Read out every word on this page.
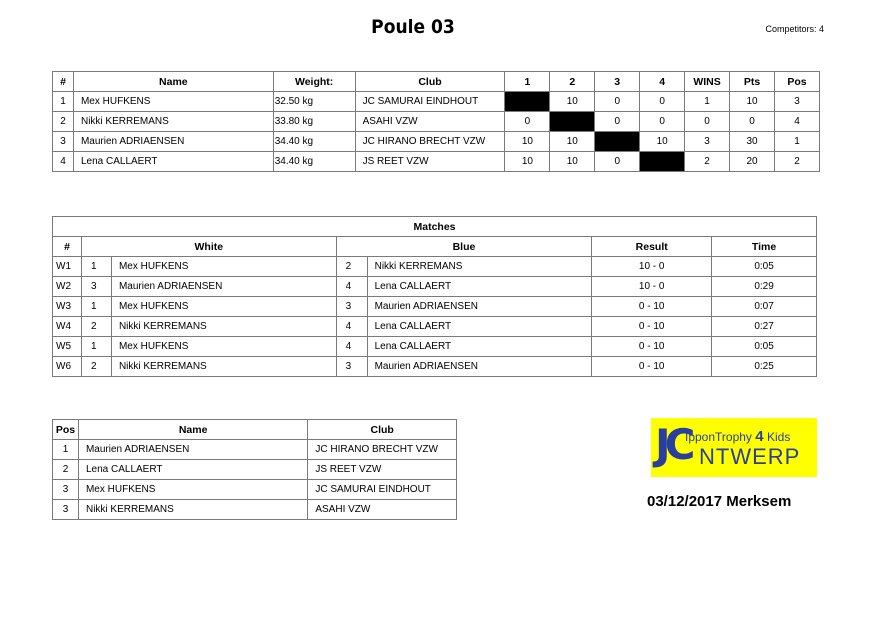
Poule 03	Competitors: 4
#	Name	Weight:	Club	1	2	3	4	WINS	Pts	Pos
1	Mex HUFKENS	32.50 kg	JC SAMURAI EINDHOUT		10	0	0	1	10	3
2	Nikki KERREMANS	33.80 kg	ASAHI VZW	0		0	0	0	0	4
3	Maurien ADRIAENSEN	34.40 kg	JC HIRANO BRECHT VZW	10	10		10	3	30	1
4	Lena CALLAERT	34.40 kg	JS REET VZW	10	10	0		2	20	2
Matches						
#	White		Blue		Result	Time
W1	1	Mex HUFKENS	2	Nikki KERREMANS	10 - 0	0:05
W2	3	Maurien ADRIAENSEN	4	Lena CALLAERT	10 - 0	0:29
W3	1	Mex HUFKENS	3	Maurien ADRIAENSEN	0 - 10	0:07
W4	2	Nikki KERREMANS	4	Lena CALLAERT	0 - 10	0:27
W5	1	Mex HUFKENS	4	Lena CALLAERT	0 - 10	0:05
W6	2	Nikki KERREMANS	3	Maurien ADRIAENSEN	0 - 10	0:25
Pos	Name	Club
1	Maurien ADRIAENSEN	JC HIRANO BRECHT VZW
2	Lena CALLAERT	JS REET VZW
3	Mex HUFKENS	JC SAMURAI EINDHOUT
3	Nikki KERREMANS	ASAHI VZW
JC
IpponTrophy 4 Kids
NTWERP
03/12/2017 Merksem
